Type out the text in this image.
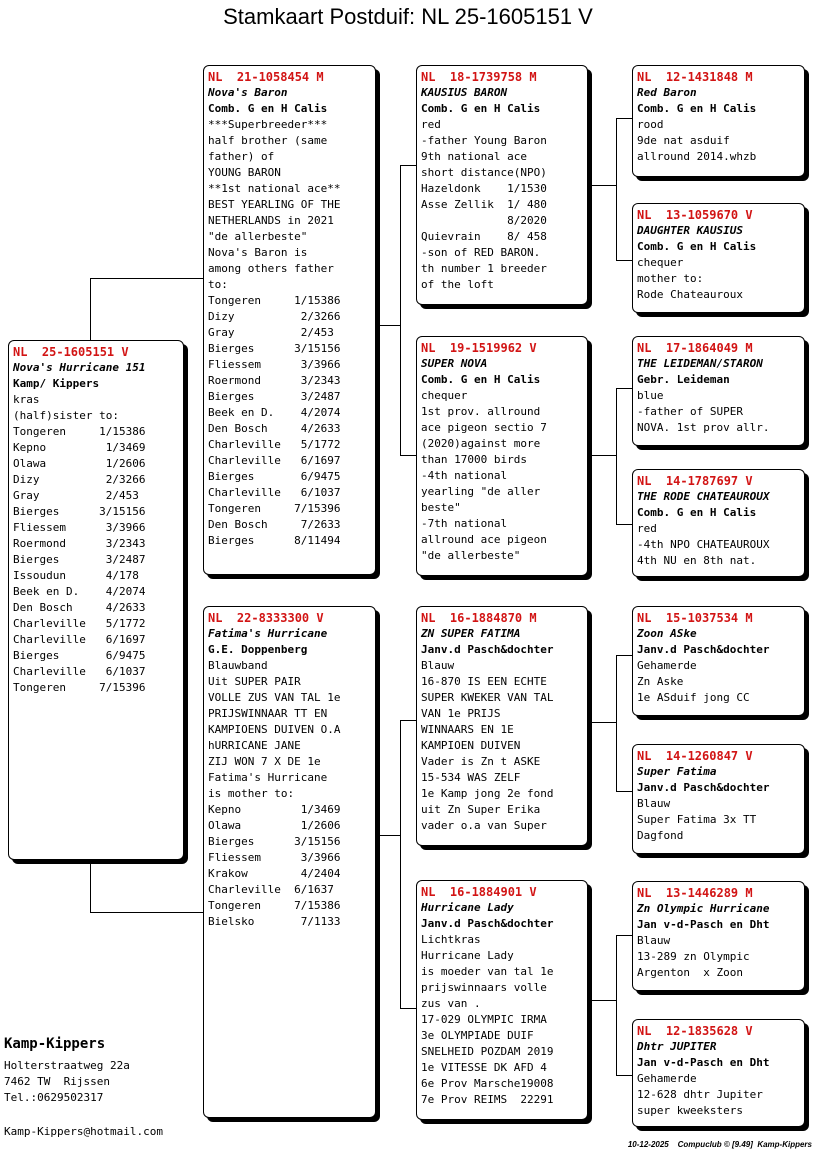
Stamkaart Postduif: NL 25-1605151 V
NL  25-1605151 V
Nova's Hurricane 151
Kamp/ Kippers
kras
(half)sister to:
Tongeren     1/15386
Kepno         1/3469
Olawa         1/2606
Dizy          2/3266
Gray          2/453
Bierges      3/15156
Fliessem      3/3966
Roermond      3/2343
Bierges       3/2487
Issoudun      4/178
Beek en D.    4/2074
Den Bosch     4/2633
Charleville   5/1772
Charleville   6/1697
Bierges       6/9475
Charleville   6/1037
Tongeren     7/15396
NL  21-1058454 M
Nova's Baron
Comb. G en H Calis
***Superbreeder***
half brother (same
father) of
YOUNG BARON
**1st national ace**
BEST YEARLING OF THE
NETHERLANDS in 2021
"de allerbeste"
Nova's Baron is
among others father
to:
Tongeren     1/15386
Dizy          2/3266
Gray          2/453
Bierges      3/15156
Fliessem      3/3966
Roermond      3/2343
Bierges       3/2487
Beek en D.    4/2074
Den Bosch     4/2633
Charleville   5/1772
Charleville   6/1697
Bierges       6/9475
Charleville   6/1037
Tongeren     7/15396
Den Bosch     7/2633
Bierges      8/11494
NL  22-8333300 V
Fatima's Hurricane
G.E. Doppenberg
Blauwband
Uit SUPER PAIR
VOLLE ZUS VAN TAL 1e
PRIJSWINNAAR TT EN
KAMPIOENS DUIVEN O.A
hURRICANE JANE
ZIJ WON 7 X DE 1e
Fatima's Hurricane
is mother to:
Kepno         1/3469
Olawa         1/2606
Bierges      3/15156
Fliessem      3/3966
Krakow        4/2404
Charleville  6/1637
Tongeren     7/15386
Bielsko       7/1133
NL  18-1739758 M
KAUSIUS BARON
Comb. G en H Calis
red
-father Young Baron
9th national ace
short distance(NPO)
Hazeldonk    1/1530
Asse Zellik  1/ 480
8/2020
Quievrain    8/ 458
-son of RED BARON.
th number 1 breeder
of the loft
NL  19-1519962 V
SUPER NOVA
Comb. G en H Calis
chequer
1st prov. allround
ace pigeon sectio 7
(2020)against more
than 17000 birds
-4th national
yearling "de aller
beste"
-7th national
allround ace pigeon
"de allerbeste"
NL  16-1884870 M
ZN SUPER FATIMA
Janv.d Pasch&dochter
Blauw
16-870 IS EEN ECHTE
SUPER KWEKER VAN TAL
VAN 1e PRIJS
WINNAARS EN 1E
KAMPIOEN DUIVEN
Vader is Zn t ASKE
15-534 WAS ZELF
1e Kamp jong 2e fond
uit Zn Super Erika
vader o.a van Super
NL  16-1884901 V
Hurricane Lady
Janv.d Pasch&dochter
Lichtkras
Hurricane Lady
is moeder van tal 1e
prijswinnaars volle
zus van .
17-029 OLYMPIC IRMA
3e OLYMPIADE DUIF
SNELHEID POZDAM 2019
1e VITESSE DK AFD 4
6e Prov Marsche19008
7e Prov REIMS  22291
NL  12-1431848 M
Red Baron
Comb. G en H Calis
rood
9de nat asduif
allround 2014.whzb
NL  13-1059670 V
DAUGHTER KAUSIUS
Comb. G en H Calis
chequer
mother to:
Rode Chateauroux
NL  17-1864049 M
THE LEIDEMAN/STARON
Gebr. Leideman
blue
-father of SUPER
NOVA. 1st prov allr.
NL  14-1787697 V
THE RODE CHATEAUROUX
Comb. G en H Calis
red
-4th NPO CHATEAUROUX
4th NU en 8th nat.
NL  15-1037534 M
Zoon ASke
Janv.d Pasch&dochter
Gehamerde
Zn Aske
1e ASduif jong CC
NL  14-1260847 V
Super Fatima
Janv.d Pasch&dochter
Blauw
Super Fatima 3x TT
Dagfond
NL  13-1446289 M
Zn Olympic Hurricane
Jan v-d-Pasch en Dht
Blauw
13-289 zn Olympic
Argenton  x Zoon
NL  12-1835628 V
Dhtr JUPITER
Jan v-d-Pasch en Dht
Gehamerde
12-628 dhtr Jupiter
super kweeksters
Kamp-Kippers
Holterstraatweg 22a
7462 TW  Rijssen
Tel.:0629502317
Kamp-Kippers@hotmail.com
10-12-2025    Compuclub © [9.49]  Kamp-Kippers
